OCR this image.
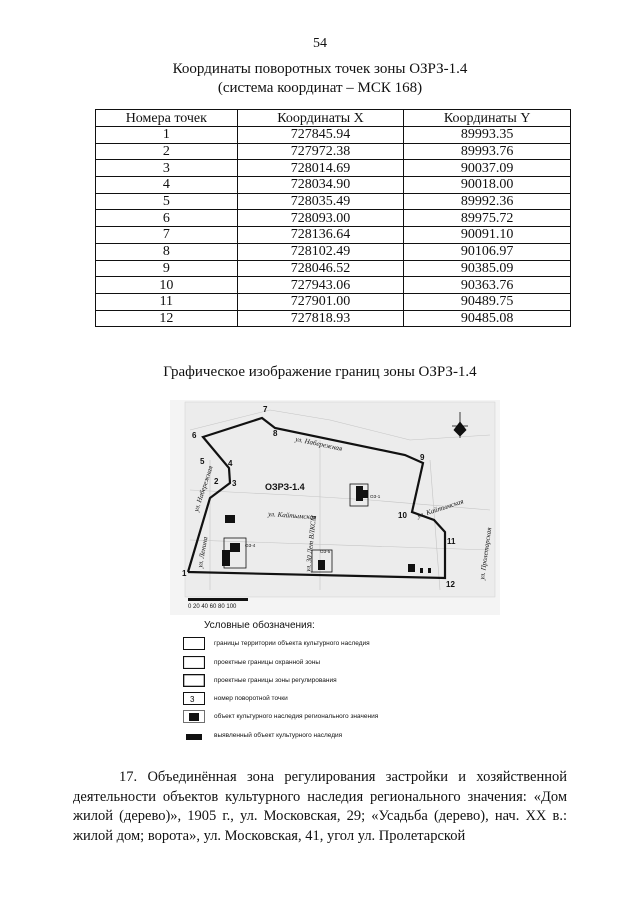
54
Координаты поворотных точек зоны ОЗРЗ-1.4
(система координат – МСК 168)
Номера точек	Координаты X	Координаты Y
1	727845.94	89993.35
2	727972.38	89993.76
3	728014.69	90037.09
4	728034.90	90018.00
5	728035.49	89992.36
6	728093.00	89975.72
7	728136.64	90091.10
8	728102.49	90106.97
9	728046.52	90385.09
10	727943.06	90363.76
11	727901.00	90489.75
12	727818.93	90485.08
Графическое изображение границ зоны ОЗРЗ-1.4
1
2 3
4
5
6
7
8
9
10
11
12
ОЗРЗ-1.4
ул. Набережная
ул. Набережная
ул. Кайтымская	ул. Кайтымская
ул. Ленина	ул. 30 Лет ВЛКСМ	ул. Пролетарская
ОЗ-4
ОЗ-5
ОЗ-1
0 20 40 60 80 100
Условные обозначения:
границы территории объекта культурного наследия
проектные границы охранной зоны
проектные границы зоны регулирования
3	номер поворотной точки
объект культурного наследия регионального значения
выявленный объект культурного наследия
17. Объединённая зона регулирования застройки и хозяйственной деятельности объектов культурного наследия регионального значения: «Дом жилой (дерево)», 1905 г., ул. Московская, 29; «Усадьба (дерево), нач. XX в.: жилой дом; ворота», ул. Московская, 41, угол ул. Пролетарской
